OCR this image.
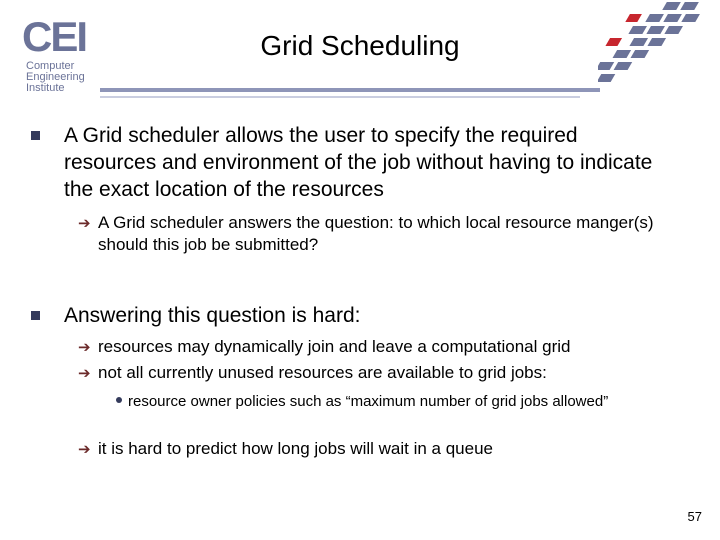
CEI
Computer
Engineering
Institute
Grid Scheduling
A Grid scheduler allows the user to specify the required resources and environment of the job without having to indicate the exact location of the resources
➔ A Grid scheduler answers the question: to which local resource manger(s) should this job be submitted?
Answering this question is hard:
➔ resources may dynamically join and leave a computational grid
➔ not all currently unused resources are available to grid jobs:
resource owner policies such as “maximum number of grid jobs allowed”
➔ it is hard to predict how long jobs will wait in a queue
57
